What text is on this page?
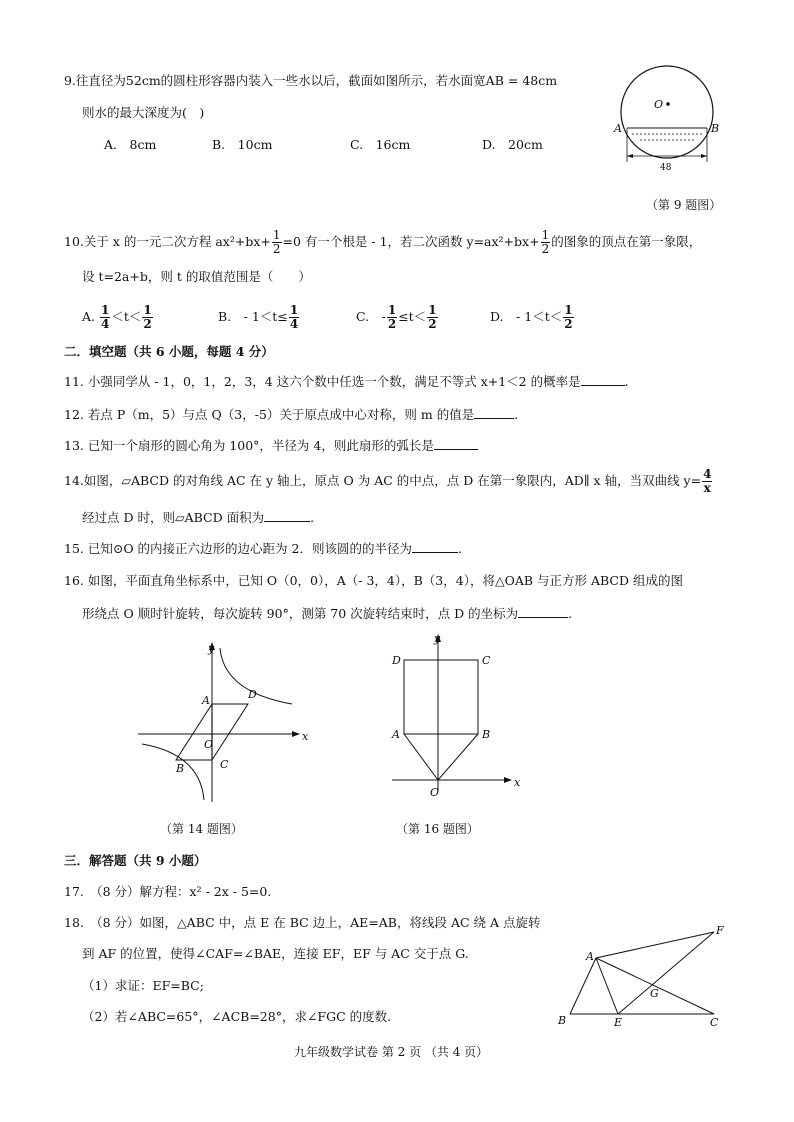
9.往直径为52cm的圆柱形容器内装入一些水以后，截面如图所示，若水面宽AB = 48cm
则水的最大深度为(　)
A.　8cm	B.　10cm	C.　16cm	D.　20cm
O
A	B
48
（第 9 题图）
10.关于 x 的一元二次方程 $ax^2+bx+ \frac{1}{2} =0$ 有一个根是 - 1，若二次函数 $y=ax^2+bx+ \frac{1}{2}$ 的图象的顶点在第一象限，
设 t=2a+b，则 t 的取值范围是（　　）
A. $\frac{1}{4} <t< \frac{1}{2}$	B.　- $1<t\le \frac{1}{4}$	C.　- $\frac{1}{2} \le t< \frac{1}{2}$	D.　- $1<t< \frac{1}{2}$
二．填空题（共 6 小题，每题 4 分）
11. 小强同学从 - 1，0，1，2，3，4 这六个数中任选一个数，满足不等式 x+1＜2 的概率是	.
12. 若点 P（m，5）与点 Q（3，-5）关于原点成中心对称，则 m 的值是	.
13. 已知一个扇形的圆心角为 100°，半径为 4，则此扇形的弧长是
14.如图，▱ABCD 的对角线 AC 在 y 轴上，原点 O 为 AC 的中点，点 D 在第一象限内，AD∥ x 轴，当双曲线 $y= \frac{4}{x}$
经过点 D 时，则▱ABCD 面积为	.
15. 已知⊙O 的内接正六边形的边心距为 2．则该圆的的半径为	.
16. 如图，平面直角坐标系中，已知 O（0，0），A（- 3，4），B（3，4），将△OAB 与正方形 ABCD 组成的图
形绕点 O 顺时针旋转，每次旋转 90°，测第 70 次旋转结束时，点 D 的坐标为	.
y
x
A	D
O
B	C
（第 14 题图）
y
x
D	C
A	B
O
（第 16 题图）
三．解答题（共 9 小题）
17.　（8 分）解方程：x² - 2x - 5=0.
18.　（8 分）如图，△ABC 中，点 E 在 BC 边上，AE=AB，将线段 AC 绕 A 点旋转
到 AF 的位置，使得∠CAF=∠BAE，连接 EF，EF 与 AC 交于点 G.
（1）求证：EF=BC;
（2）若∠ABC=65°，∠ACB=28°，求∠FGC 的度数.
A
F
G
B	E	C
九年级数学试卷 第 2 页 （共 4 页）
